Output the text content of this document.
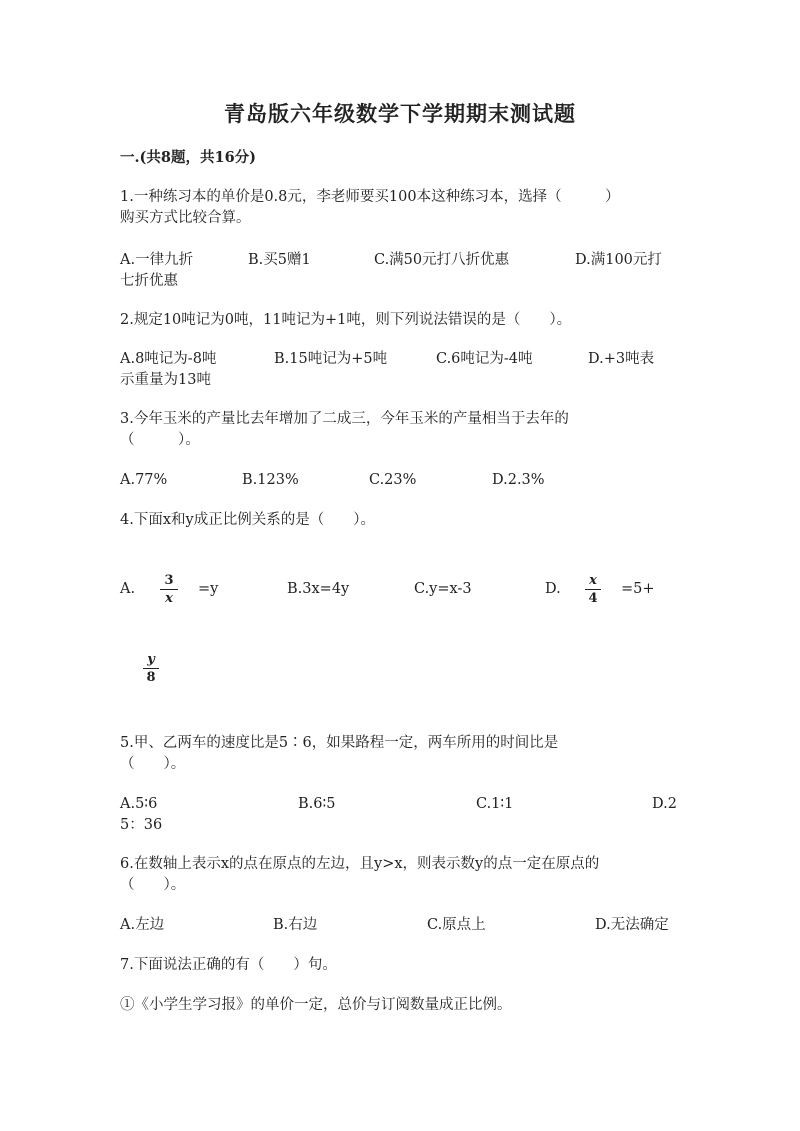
青岛版六年级数学下学期期末测试题
一.(共8题，共16分)
1.一种练习本的单价是0.8元，李老师要买100本这种练习本，选择（　　　）
购买方式比较合算。
A.一律九折	B.买5赠1	C.满50元打八折优惠	D.满100元打
七折优惠
2.规定10吨记为0吨，11吨记为+1吨，则下列说法错误的是（　　）。
A.8吨记为-8吨	B.15吨记为+5吨	C.6吨记为-4吨	D.+3吨表
示重量为13吨
3.今年玉米的产量比去年增加了二成三，今年玉米的产量相当于去年的
（　　　）。
A.77%	B.123%	C.23%	D.2.3%
4.下面x和y成正比例关系的是（　　）。
A.
3
x
=y	B.3x=4y	C.y=x-3	D.
x
4
=5+
y
8
5.甲、乙两车的速度比是5∶6，如果路程一定，两车所用的时间比是
（　　）。
A.5∶6	B.6∶5	C.1∶1	D.2
5：36
6.在数轴上表示x的点在原点的左边，且y>x，则表示数y的点一定在原点的
（　　）。
A.左边	B.右边	C.原点上	D.无法确定
7.下面说法正确的有（　　）句。
①《小学生学习报》的单价一定，总价与订阅数量成正比例。
